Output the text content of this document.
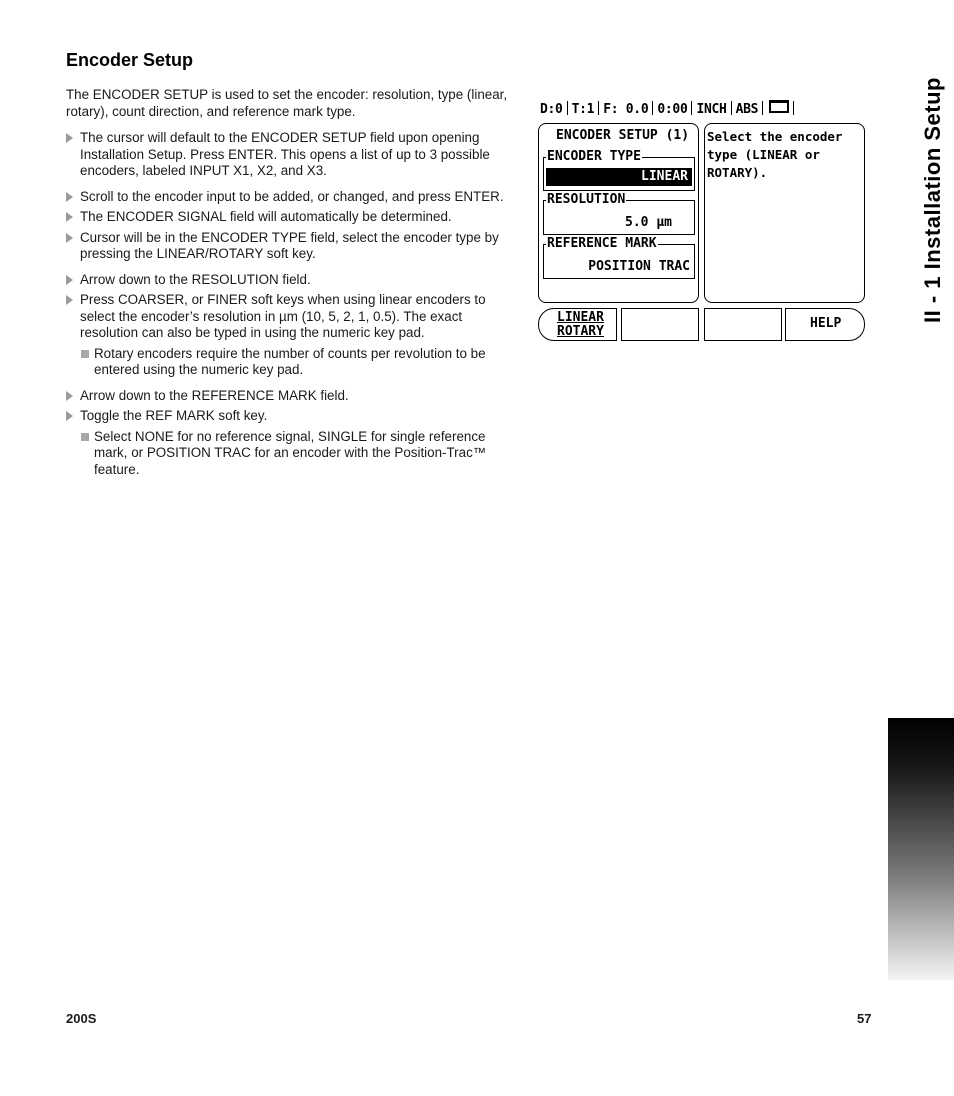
Encoder Setup

The ENCODER SETUP is used to set the encoder: resolution, type (linear, rotary), count direction, and reference mark type.

The cursor will default to the ENCODER SETUP field upon opening Installation Setup. Press ENTER. This opens a list of up to 3 possible encoders, labeled INPUT X1, X2, and X3.
Scroll to the encoder input to be added, or changed, and press ENTER.
The ENCODER SIGNAL field will automatically be determined.
Cursor will be in the ENCODER TYPE field, select the encoder type by pressing the LINEAR/ROTARY soft key.
Arrow down to the RESOLUTION field.
Press COARSER, or FINER soft keys when using linear encoders to select the encoder’s resolution in µm (10, 5, 2, 1, 0.5). The exact resolution can also be typed in using the numeric key pad.
Rotary encoders require the number of counts per revolution to be entered using the numeric key pad.
Arrow down to the REFERENCE MARK field.
Toggle the REF MARK soft key.
Select NONE for no reference signal, SINGLE for single reference mark, or POSITION TRAC for an encoder with the Position-Trac™ feature.
D:0 T:1 F: 0.0 0:00 INCH ABS
ENCODER SETUP (1)
ENCODER TYPE
LINEAR
RESOLUTION
5.0 µm
REFERENCE MARK
POSITION TRAC
Select the encoder type (LINEAR or ROTARY).
LINEAR
ROTARY
HELP
II - 1 Installation Setup
200S	57
